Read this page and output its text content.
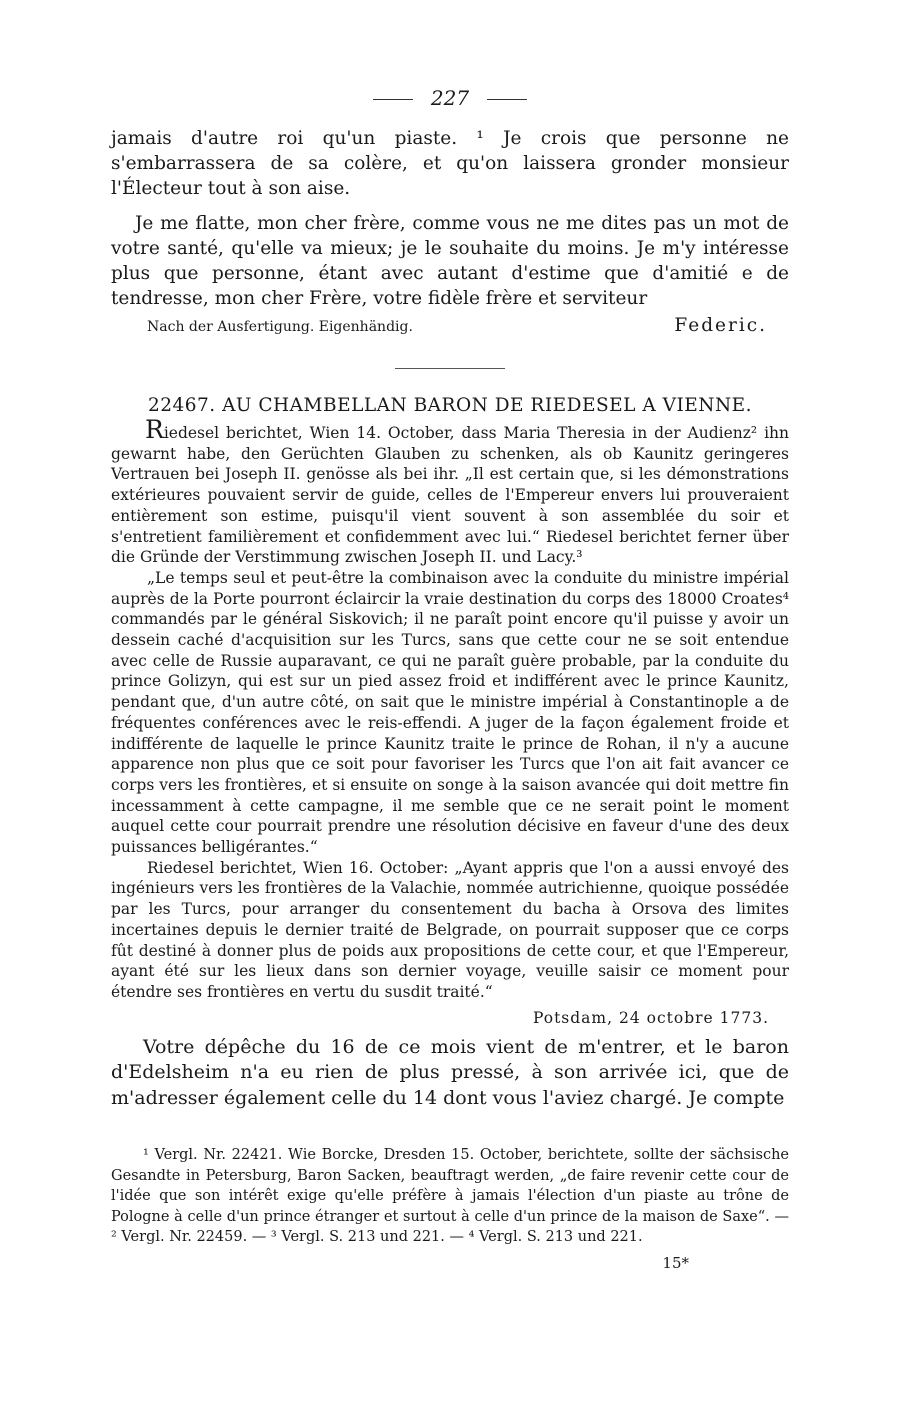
227

jamais d'autre roi qu'un piaste. ¹ Je crois que personne ne s'embarrassera de sa colère, et qu'on laissera gronder monsieur l'Électeur tout à son aise.

Je me flatte, mon cher frère, comme vous ne me dites pas un mot de votre santé, qu'elle va mieux; je le souhaite du moins. Je m'y intéresse plus que personne, étant avec autant d'estime que d'amitié e de tendresse, mon cher Frère, votre fidèle frère et serviteur

Nach der Ausfertigung. Eigenhändig.	Federic.
22467. AU CHAMBELLAN BARON DE RIEDESEL A VIENNE.

Riedesel berichtet, Wien 14. October, dass Maria Theresia in der Audienz² ihn gewarnt habe, den Gerüchten Glauben zu schenken, als ob Kaunitz geringeres Vertrauen bei Joseph II. genösse als bei ihr. „Il est certain que, si les démonstrations extérieures pouvaient servir de guide, celles de l'Empereur envers lui prouveraient entièrement son estime, puisqu'il vient souvent à son assemblée du soir et s'entretient familièrement et confidemment avec lui.“ Riedesel berichtet ferner über die Gründe der Verstimmung zwischen Joseph II. und Lacy.³

„Le temps seul et peut-être la combinaison avec la conduite du ministre impérial auprès de la Porte pourront éclaircir la vraie destination du corps des 18000 Croates⁴ commandés par le général Siskovich; il ne paraît point encore qu'il puisse y avoir un dessein caché d'acquisition sur les Turcs, sans que cette cour ne se soit entendue avec celle de Russie auparavant, ce qui ne paraît guère probable, par la conduite du prince Golizyn, qui est sur un pied assez froid et indifférent avec le prince Kaunitz, pendant que, d'un autre côté, on sait que le ministre impérial à Constantinople a de fréquentes conférences avec le reis-effendi. A juger de la façon également froide et indifférente de laquelle le prince Kaunitz traite le prince de Rohan, il n'y a aucune apparence non plus que ce soit pour favoriser les Turcs que l'on ait fait avancer ce corps vers les frontières, et si ensuite on songe à la saison avancée qui doit mettre fin incessamment à cette campagne, il me semble que ce ne serait point le moment auquel cette cour pourrait prendre une résolution décisive en faveur d'une des deux puissances belligérantes.“

Riedesel berichtet, Wien 16. October: „Ayant appris que l'on a aussi envoyé des ingénieurs vers les frontières de la Valachie, nommée autrichienne, quoique possédée par les Turcs, pour arranger du consentement du bacha à Orsova des limites incertaines depuis le dernier traité de Belgrade, on pourrait supposer que ce corps fût destiné à donner plus de poids aux propositions de cette cour, et que l'Empereur, ayant été sur les lieux dans son dernier voyage, veuille saisir ce moment pour étendre ses frontières en vertu du susdit traité.“

Potsdam, 24 octobre 1773.

Votre dépêche du 16 de ce mois vient de m'entrer, et le baron d'Edelsheim n'a eu rien de plus pressé, à son arrivée ici, que de m'adresser également celle du 14 dont vous l'aviez chargé. Je compte

¹ Vergl. Nr. 22421. Wie Borcke, Dresden 15. October, berichtete, sollte der sächsische Gesandte in Petersburg, Baron Sacken, beauftragt werden, „de faire revenir cette cour de l'idée que son intérêt exige qu'elle préfère à jamais l'élection d'un piaste au trône de Pologne à celle d'un prince étranger et surtout à celle d'un prince de la maison de Saxe“. — ² Vergl. Nr. 22459. — ³ Vergl. S. 213 und 221. — ⁴ Vergl. S. 213 und 221.

15*
